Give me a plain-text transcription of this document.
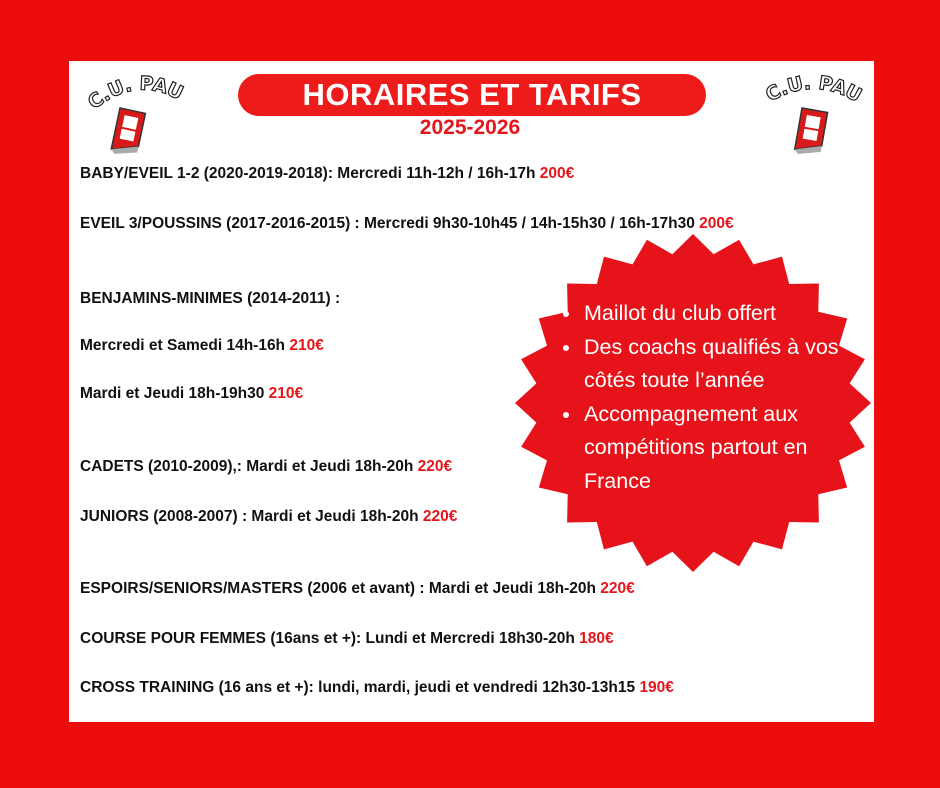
C.U. PAU	C.U. PAU
HORAIRES ET TARIFS
2025-2026
BABY/EVEIL 1-2 (2020-2019-2018): Mercredi 11h-12h / 16h-17h 200€
EVEIL 3/POUSSINS (2017-2016-2015) : Mercredi 9h30-10h45 / 14h-15h30 / 16h-17h30 200€
BENJAMINS-MINIMES (2014-2011) :
Mercredi et Samedi 14h-16h 210€
Mardi et Jeudi 18h-19h30 210€
CADETS (2010-2009),: Mardi et Jeudi 18h-20h 220€
JUNIORS (2008-2007) : Mardi et Jeudi 18h-20h 220€
ESPOIRS/SENIORS/MASTERS (2006 et avant) : Mardi et Jeudi 18h-20h 220€
COURSE POUR FEMMES (16ans et +): Lundi et Mercredi 18h30-20h 180€
CROSS TRAINING (16 ans et +): lundi, mardi, jeudi et vendredi 12h30-13h15 190€
• Maillot du club offert
• Des coachs qualifiés à vos côtés toute l’année
• Accompagnement aux compétitions partout en France
